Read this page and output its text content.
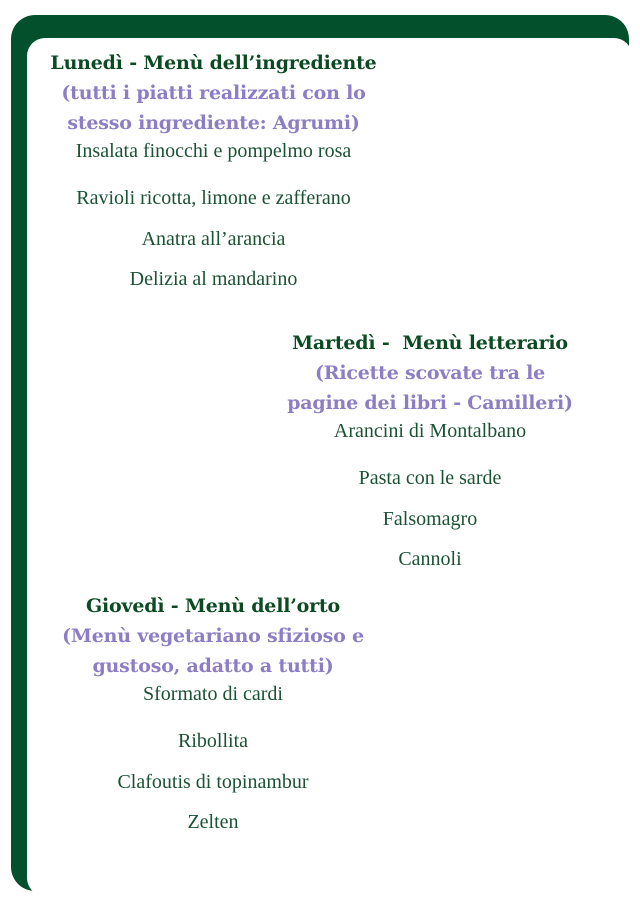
Lunedì - Menù dell’ingrediente
(tutti i piatti realizzati con lo
stesso ingrediente: Agrumi)
Insalata finocchi e pompelmo rosa
Ravioli ricotta, limone e zafferano
Anatra all’arancia
Delizia al mandarino
Martedì -  Menù letterario
(Ricette scovate tra le
pagine dei libri - Camilleri)
Arancini di Montalbano
Pasta con le sarde
Falsomagro
Cannoli
Giovedì - Menù dell’orto
(Menù vegetariano sfizioso e
gustoso, adatto a tutti)
Sformato di cardi
Ribollita
Clafoutis di topinambur
Zelten
